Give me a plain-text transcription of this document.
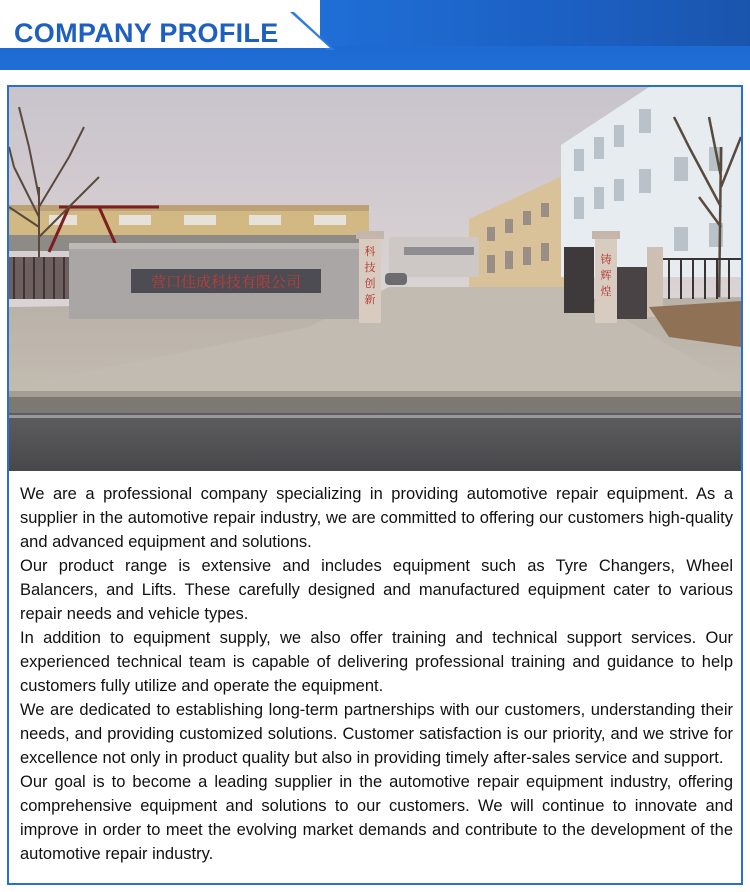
COMPANY PROFILE
营口佳成科技有限公司
科
技
创
新
铸
辉
煌

We are a professional company specializing in providing automotive repair equipment. As a supplier in the automotive repair industry, we are committed to offering our customers high-quality and advanced equipment and solutions.

Our product range is extensive and includes equipment such as Tyre Changers, Wheel Balancers, and Lifts. These carefully designed and manufactured equipment cater to various repair needs and vehicle types.

In addition to equipment supply, we also offer training and technical support services. Our experienced technical team is capable of delivering professional training and guidance to help customers fully utilize and operate the equipment.

We are dedicated to establishing long-term partnerships with our customers, understanding their needs, and providing customized solutions. Customer satisfaction is our priority, and we strive for excellence not only in product quality but also in providing timely after-sales service and support.

Our goal is to become a leading supplier in the automotive repair equipment industry, offering comprehensive equipment and solutions to our customers. We will continue to innovate and improve in order to meet the evolving market demands and contribute to the development of the automotive repair industry.
